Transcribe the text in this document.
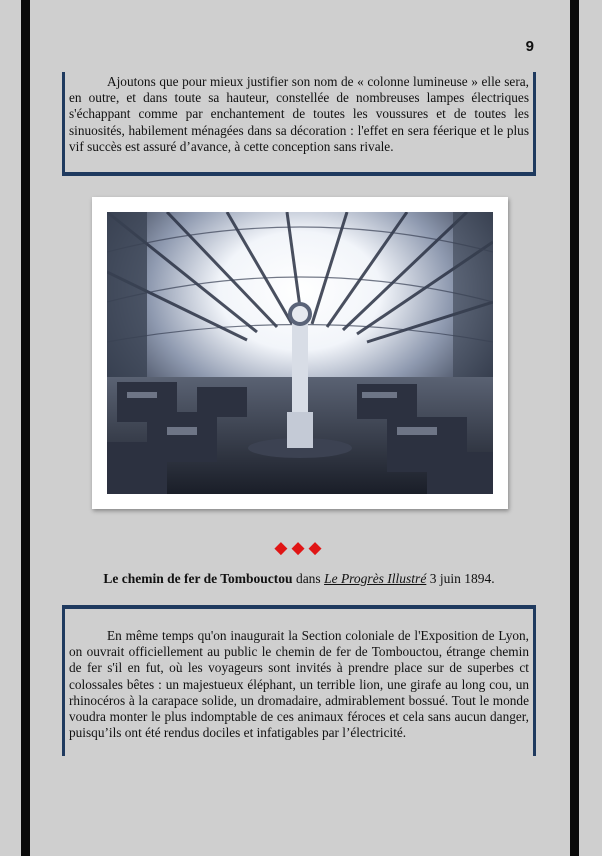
9

Ajoutons que pour mieux justifier son nom de « colonne lumineuse » elle sera, en outre, et dans toute sa hauteur, constellée de nombreuses lampes électriques s'échappant comme par enchantement de toutes les voussures et de toutes les sinuosités, habilement ménagées dans sa décoration : l'effet en sera féerique et le plus vif succès est assuré d’avance, à cette conception sans rivale.

◆◆◆
Le chemin de fer de Tombouctou dans Le Progrès Illustré 3 juin 1894.

En même temps qu'on inaugurait la Section coloniale de l'Exposition de Lyon, on ouvrait officiellement au public le chemin de fer de Tombouctou, étrange chemin de fer s'il en fut, où les voyageurs sont invités à prendre place sur de superbes ct colossales bêtes : un majestueux éléphant, un terrible lion, une girafe au long cou, un rhinocéros à la carapace solide, un dromadaire, admirablement bossué. Tout le monde voudra monter le plus indomptable de ces animaux féroces et cela sans aucun danger, puisqu’ils ont été rendus dociles et infatigables par l’électricité.
